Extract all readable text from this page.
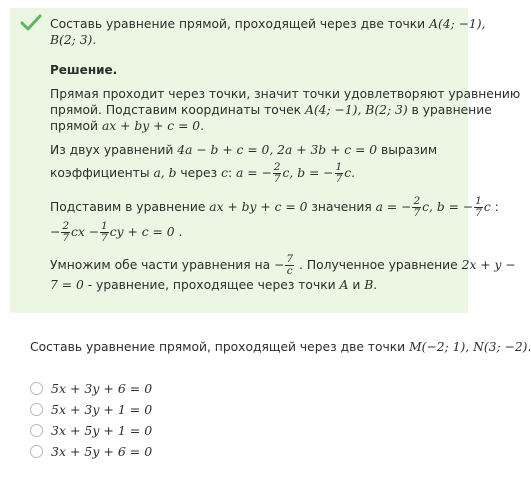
Составь уравнение прямой, проходящей через две точки A(4; −1),
B(2; 3).
Решение.
Прямая проходит через точки, значит точки удовлетворяют уравнению
прямой. Подставим координаты точек A(4; −1), B(2; 3) в уравнение
прямой ax + by + c = 0.
Из двух уравнений 4a − b + c = 0, 2a + 3b + c = 0 выразим
коэффициенты a, b через c: a = − $\frac{2}{7} c$, b = − $\frac{1}{7} c$.
Подставим в уравнение ax + by + c = 0 значения a = − $\frac{2}{7} c$, b = − $\frac{1}{7}$ c :
− $\frac{2}{7}$ cx − $\frac{1}{7}$ cy + c = 0 .
Умножим обе части уравнения на − $\frac{7}{c}$ . Полученное уравнение 2x + y −
7 = 0 - уравнение, проходящее через точки A и B.
Составь уравнение прямой, проходящей через две точки M(−2; 1), N(3; −2).
5x + 3y + 6 = 0
5x + 3y + 1 = 0
3x + 5y + 1 = 0
3x + 5y + 6 = 0
